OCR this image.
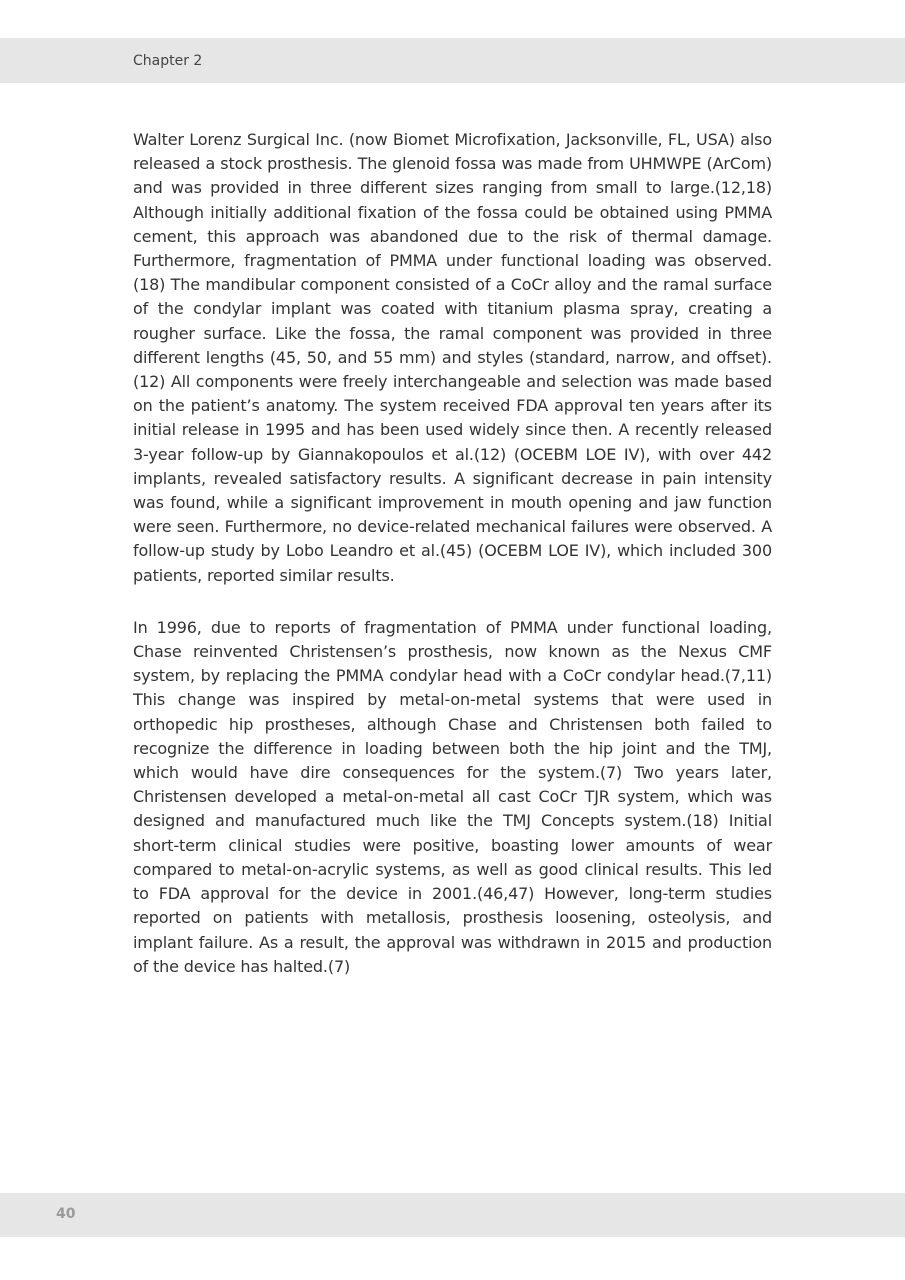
Chapter 2

Walter Lorenz Surgical Inc. (now Biomet Microfixation, Jacksonville, FL, USA) also released a stock prosthesis. The glenoid fossa was made from UHMWPE (ArCom) and was provided in three different sizes ranging from small to large.(12,18) Although initially additional fixation of the fossa could be obtained using PMMA cement, this approach was abandoned due to the risk of thermal damage. Furthermore, fragmentation of PMMA under functional loading was observed.(18) The mandibular component consisted of a CoCr alloy and the ramal surface of the condylar implant was coated with titanium plasma spray, creating a rougher surface. Like the fossa, the ramal component was provided in three different lengths (45, 50, and 55 mm) and styles (standard, narrow, and offset).(12) All components were freely interchangeable and selection was made based on the patient’s anatomy. The system received FDA approval ten years after its initial release in 1995 and has been used widely since then. A recently released 3-year follow-up by Giannakopoulos et al.(12) (OCEBM LOE IV), with over 442 implants, revealed satisfactory results. A significant decrease in pain intensity was found, while a significant improvement in mouth opening and jaw function were seen. Furthermore, no device-related mechanical failures were observed. A follow-up study by Lobo Leandro et al.(45) (OCEBM LOE IV), which included 300 patients, reported similar results.

In 1996, due to reports of fragmentation of PMMA under functional loading, Chase reinvented Christensen’s prosthesis, now known as the Nexus CMF system, by replacing the PMMA condylar head with a CoCr condylar head.(7,11) This change was inspired by metal-on-metal systems that were used in orthopedic hip prostheses, although Chase and Christensen both failed to recognize the difference in loading between both the hip joint and the TMJ, which would have dire consequences for the system.(7) Two years later, Christensen developed a metal-on-metal all cast CoCr TJR system, which was designed and manufactured much like the TMJ Concepts system.(18) Initial short-term clinical studies were positive, boasting lower amounts of wear compared to metal-on-acrylic systems, as well as good clinical results. This led to FDA approval for the device in 2001.(46,47) However, long-term studies reported on patients with metallosis, prosthesis loosening, osteolysis, and implant failure. As a result, the approval was withdrawn in 2015 and production of the device has halted.(7)

40
